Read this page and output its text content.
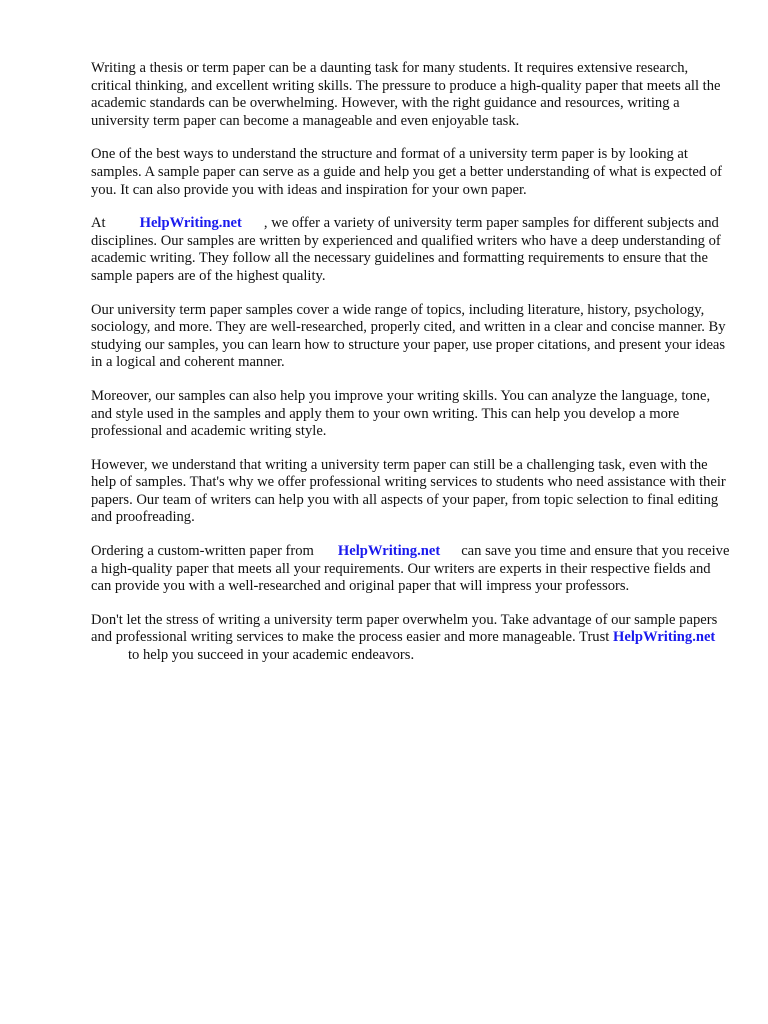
Writing a thesis or term paper can be a daunting task for many students. It requires extensive research, critical thinking, and excellent writing skills. The pressure to produce a high-quality paper that meets all the academic standards can be overwhelming. However, with the right guidance and resources, writing a university term paper can become a manageable and even enjoyable task.

One of the best ways to understand the structure and format of a university term paper is by looking at samples. A sample paper can serve as a guide and help you get a better understanding of what is expected of you. It can also provide you with ideas and inspiration for your own paper.

At HelpWriting.net , we offer a variety of university term paper samples for different subjects and disciplines. Our samples are written by experienced and qualified writers who have a deep understanding of academic writing. They follow all the necessary guidelines and formatting requirements to ensure that the sample papers are of the highest quality.

Our university term paper samples cover a wide range of topics, including literature, history, psychology, sociology, and more. They are well-researched, properly cited, and written in a clear and concise manner. By studying our samples, you can learn how to structure your paper, use proper citations, and present your ideas in a logical and coherent manner.

Moreover, our samples can also help you improve your writing skills. You can analyze the language, tone, and style used in the samples and apply them to your own writing. This can help you develop a more professional and academic writing style.

However, we understand that writing a university term paper can still be a challenging task, even with the help of samples. That's why we offer professional writing services to students who need assistance with their papers. Our team of writers can help you with all aspects of your paper, from topic selection to final editing and proofreading.

Ordering a custom-written paper from HelpWriting.net can save you time and ensure that you receive a high-quality paper that meets all your requirements. Our writers are experts in their respective fields and can provide you with a well-researched and original paper that will impress your professors.

Don't let the stress of writing a university term paper overwhelm you. Take advantage of our sample papers and professional writing services to make the process easier and more manageable. Trust HelpWriting.netto help you succeed in your academic endeavors.
